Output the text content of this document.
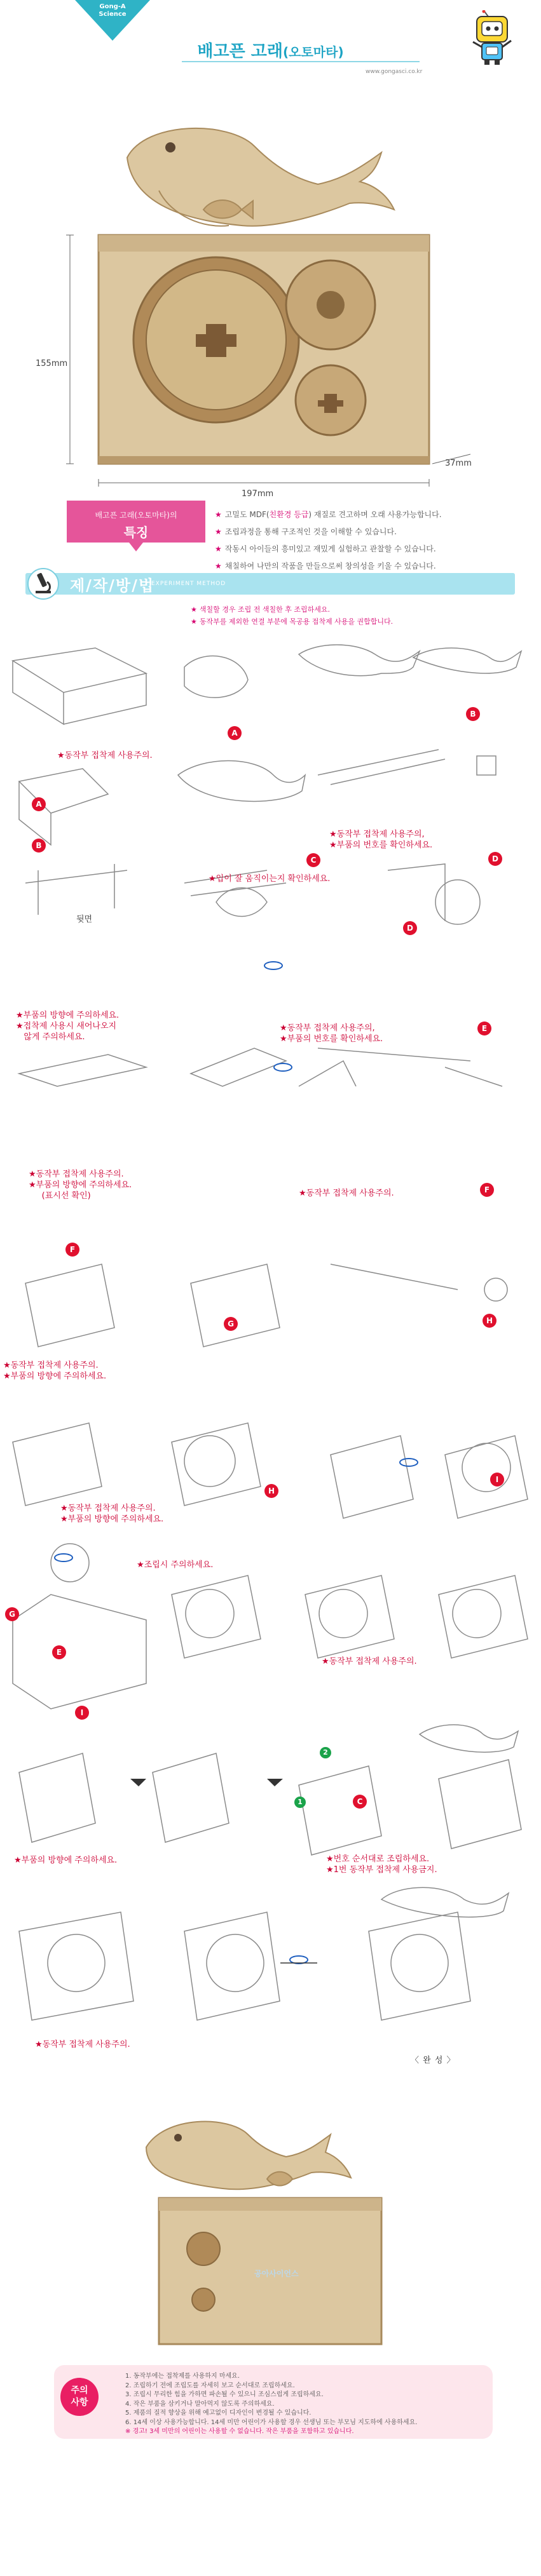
Gong-A
Science
배고픈 고래(오토마타)
www.gongasci.co.kr
155mm
197mm
37mm
배고픈 고래(오토마타)의
특징
★ 고밀도 MDF(친환경 등급) 재질로 견고하며 오래 사용가능합니다.
★ 조립과정을 통해 구조적인 것을 이해할 수 있습니다.
★ 작동시 아이들의 흥미있고 재밌게 실험하고 관찰할 수 있습니다.
★ 채칠하여 나만의 작품을 만들으로써 창의성을 키울 수 있습니다.
제/작/방/법
EXPERIMENT METHOD
★ 색칠할 경우 조립 전 색칠한 후 조립하세요.
★ 동작부를 제외한 연결 부분에 목공용 접착제 사용을 권합합니다.
A
B
A
B
C	D
D
E
F
F
G	H
H
I
G
E
I
C
2
1
★동작부 접착제 사용주의.
★입이 잘 움직이는지 확인하세요.
★동작부 접착제 사용주의,
★부품의 번호를 확인하세요.
뒷면
★부품의 방향에 주의하세요.
★접착제 사용시 새어나오지
않게 주의하세요.
★동작부 접착제 사용주의,
★부품의 번호를 확인하세요.
★동작부 접착제 사용주의.
★부품의 방향에 주의하세요.
(표시선 확인)	★동작부 접착제 사용주의.
★동작부 접착제 사용주의.
★부품의 방향에 주의하세요.
★동작부 접착제 사용주의.
★부품의 방향에 주의하세요.
★조립시 주의하세요.
★동작부 접착제 사용주의.
★부품의 방향에 주의하세요.	★번호 순서대로 조립하세요.
★1번 동작부 접착제 사용금지.
★동작부 접착제 사용주의.
〈 완 성 〉
공아사이언스
주의
사항
1. 동작부에는 접착제를 사용하지 마세요.
2. 조립하기 전에 조립도를 자세히 보고 순서대로 조립하세요.
3. 조립시 무리한 힘을 가하면 파손될 수 있으니 조심스럽게 조립하세요.
4. 작은 부품을 삼키거나 말아먹지 않도록 주의하세요.
5. 제품의 질적 향상을 위해 예고없이 디자인이 변경될 수 있습니다.
6. 14세 이상 사용가능합니다. 14세 미만 어린이가 사용할 경우 선생님 또는 부모님 지도하에 사용하세요.
※ 경고! 3세 미만의 어린이는 사용할 수 없습니다. 작은 부품을 포함하고 있습니다.
